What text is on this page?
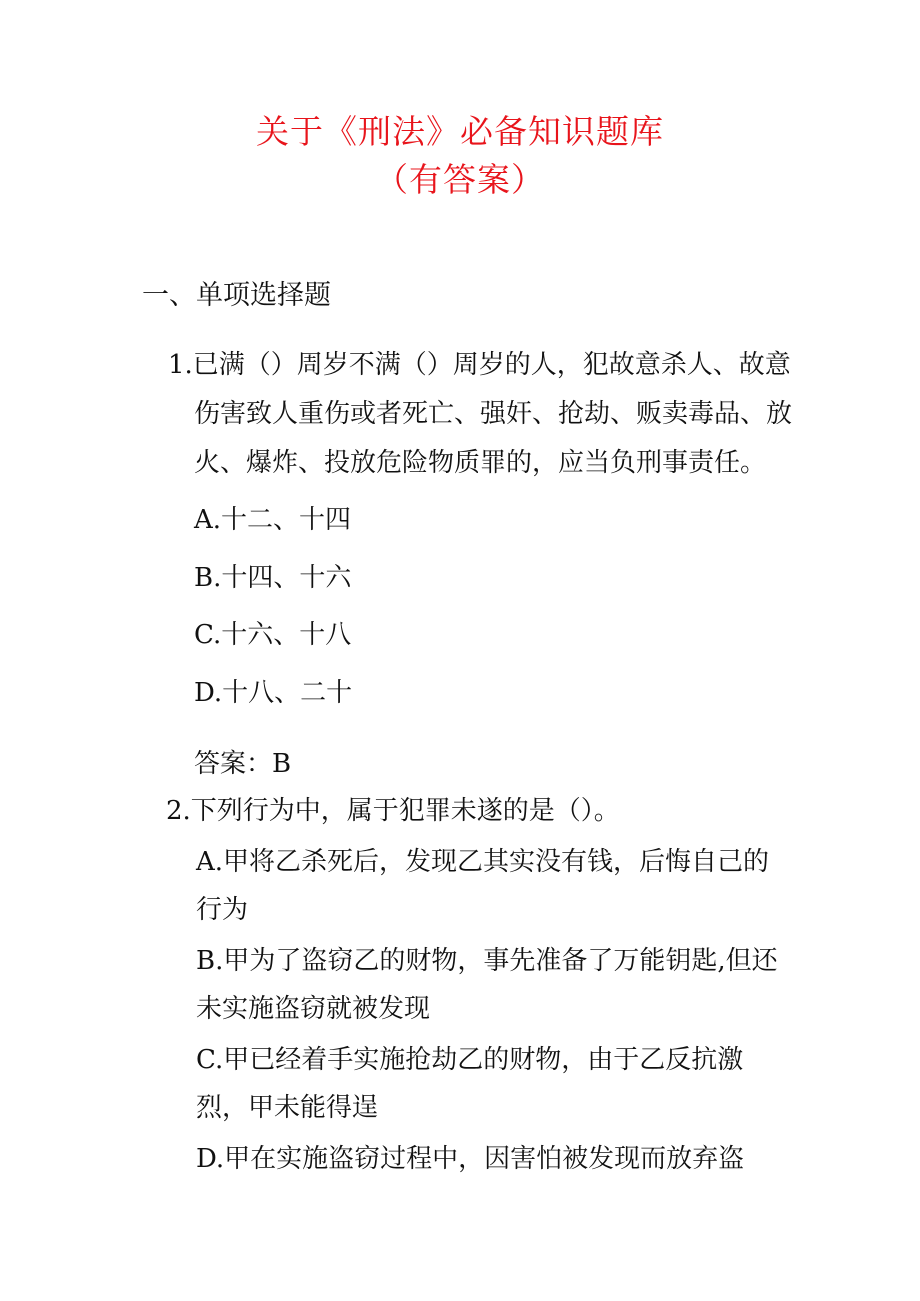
关于《刑法》必备知识题库
（有答案）
一、单项选择题
1.已满（）周岁不满（）周岁的人，犯故意杀人、故意伤害致人重伤或者死亡、强奸、抢劫、贩卖毒品、放火、爆炸、投放危险物质罪的，应当负刑事责任。
A.十二、十四
B.十四、十六
C.十六、十八
D.十八、二十
答案：B
2.下列行为中，属于犯罪未遂的是（）。
A.甲将乙杀死后，发现乙其实没有钱，后悔自己的行为
B.甲为了盗窃乙的财物，事先准备了万能钥匙,但还未实施盗窃就被发现
C.甲已经着手实施抢劫乙的财物，由于乙反抗激烈，甲未能得逞
D.甲在实施盗窃过程中，因害怕被发现而放弃盗
